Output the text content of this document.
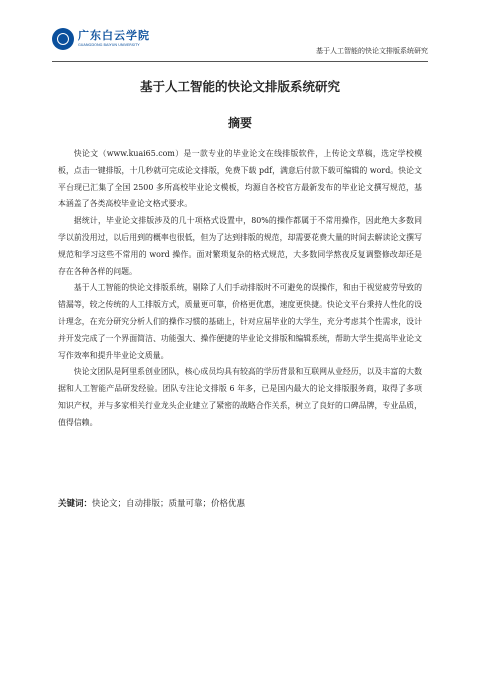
广东白云学院
GUANGDONG BAIYUN UNIVERSITY
基于人工智能的快论文排版系统研究
基于人工智能的快论文排版系统研究
摘要

快论文（www.kuai65.com）是一款专业的毕业论文在线排版软件，上传论文草稿，选定学校模板，点击一键排版，十几秒就可完成论文排版，免费下载 pdf，满意后付款下载可编辑的 word。快论文平台现已汇集了全国 2500 多所高校毕业论文模板，均源自各校官方最新发布的毕业论文撰写规范，基本涵盖了各类高校毕业论文格式要求。

据统计，毕业论文排版涉及的几十项格式设置中，80%的操作都属于不常用操作，因此绝大多数同学以前没用过，以后用到的概率也很低，但为了达到排版的规范，却需要花费大量的时间去解读论文撰写规范和学习这些不常用的 word 操作。面对繁琐复杂的格式规范，大多数同学熬夜反复调整修改却还是存在各种各样的问题。

基于人工智能的快论文排版系统，剔除了人们手动排版时不可避免的误操作，和由于视觉疲劳导致的错漏等，较之传统的人工排版方式，质量更可靠，价格更优惠，速度更快捷。快论文平台秉持人性化的设计理念，在充分研究分析人们的操作习惯的基础上，针对应届毕业的大学生，充分考虑其个性需求，设计并开发完成了一个界面简洁、功能强大、操作便捷的毕业论文排版和编辑系统，帮助大学生提高毕业论文写作效率和提升毕业论文质量。

快论文团队是阿里系创业团队，核心成员均具有较高的学历背景和互联网从业经历，以及丰富的大数据和人工智能产品研发经验。团队专注论文排版 6 年多，已是国内最大的论文排版服务商，取得了多项知识产权，并与多家相关行业龙头企业建立了紧密的战略合作关系，树立了良好的口碑品牌，专业品质，值得信赖。

关键词：快论文；自动排版；质量可靠；价格优惠
